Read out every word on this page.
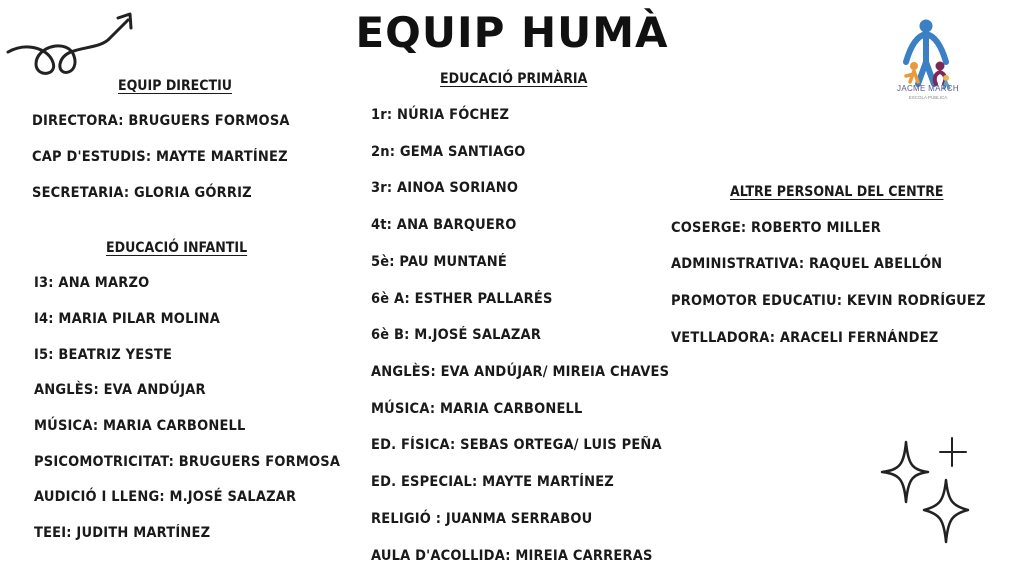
EQUIP HUMÀ
JACME MARCH
ESCOLA PÚBLICA
EQUIP DIRECTIU
DIRECTORA: BRUGUERS FORMOSA
CAP D'ESTUDIS: MAYTE MARTÍNEZ
SECRETARIA: GLORIA GÓRRIZ
EDUCACIÓ INFANTIL
I3: ANA MARZO
I4: MARIA PILAR MOLINA
I5: BEATRIZ YESTE
ANGLÈS: EVA ANDÚJAR
MÚSICA: MARIA CARBONELL
PSICOMOTRICITAT: BRUGUERS FORMOSA
AUDICIÓ I LLENG: M.JOSÉ SALAZAR
TEEI: JUDITH MARTÍNEZ
EDUCACIÓ PRIMÀRIA
1r: NÚRIA FÓCHEZ
2n: GEMA SANTIAGO
3r: AINOA SORIANO
4t: ANA BARQUERO
5è: PAU MUNTANÉ
6è A: ESTHER PALLARÉS
6è B: M.JOSÉ SALAZAR
ANGLÈS: EVA ANDÚJAR/ MIREIA CHAVES
MÚSICA: MARIA CARBONELL
ED. FÍSICA: SEBAS ORTEGA/ LUIS PEÑA
ED. ESPECIAL: MAYTE MARTÍNEZ
RELIGIÓ : JUANMA SERRABOU
AULA D'ACOLLIDA: MIREIA CARRERAS
ALTRE PERSONAL DEL CENTRE
COSERGE: ROBERTO MILLER
ADMINISTRATIVA: RAQUEL ABELLÓN
PROMOTOR EDUCATIU: KEVIN RODRÍGUEZ
VETLLADORA: ARACELI FERNÁNDEZ
